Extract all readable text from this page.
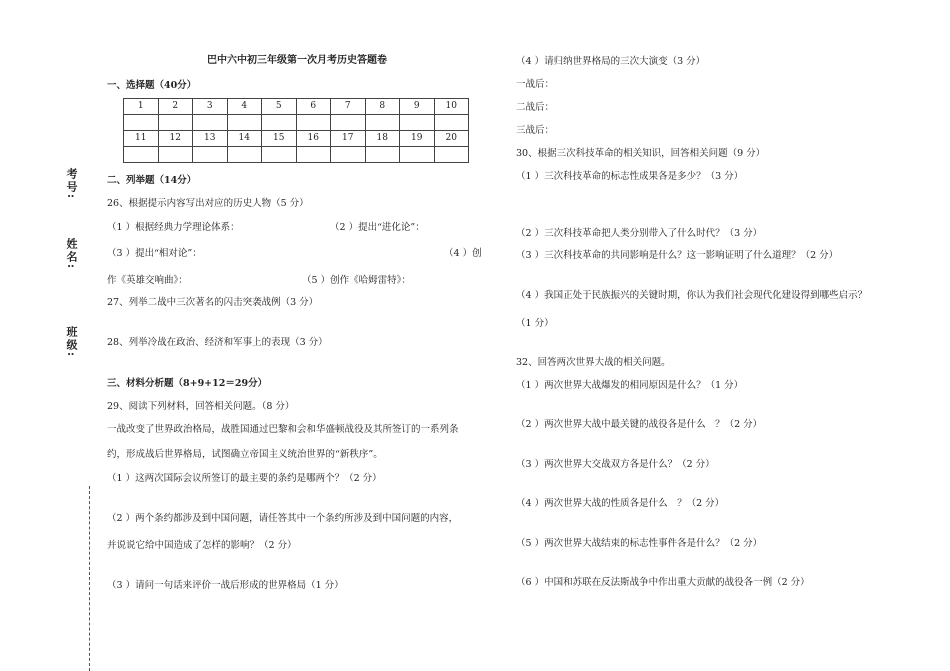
考号:
姓名:
班级:
巴中六中初三年级第一次月考历史答题卷
一、选择题（40分）
1	2	3	4	5	6	7	8	9	10

11	12	13	14	15	16	17	18	19	20

二、列举题（14分）
26、根据提示内容写出对应的历史人物（5 分）
（1 ）根据经典力学理论体系：	（2 ）提出“进化论”：
（3 ）提出“相对论”：	（4 ）创
作《英雄交响曲》：	（5 ）创作《哈姆雷特》：
27、列举二战中三次著名的闪击突袭战例（3 分）
28、列举冷战在政治、经济和军事上的表现（3 分）
三、材料分析题（8+9+12＝29分）
29、阅读下列材料，回答相关问题。（8 分）
一战改变了世界政治格局，战胜国通过巴黎和会和华盛顿战役及其所签订的一系列条
约，形成战后世界格局，试图确立帝国主义统治世界的“新秩序”。
（1 ）这两次国际会议所签订的最主要的条约是哪两个？（2 分）
（2 ）两个条约都涉及到中国问题，请任答其中一个条约所涉及到中国问题的内容，
并说说它给中国造成了怎样的影响？（2 分）
（3 ）请问一句话来评价一战后形成的世界格局（1 分）
（4 ）请归纳世界格局的三次大演变（3 分）
一战后：
二战后：
三战后：
30、根据三次科技革命的相关知识，回答相关问题（9 分）
（1 ）三次科技革命的标志性成果各是多少？（3 分）
（2 ）三次科技革命把人类分别带入了什么时代？（3 分）
（3 ）三次科技革命的共同影响是什么？这一影响证明了什么道理？（2 分）
（4 ）我国正处于民族振兴的关键时期，你认为我们社会现代化建设得到哪些启示？
（1 分）
32、回答两次世界大战的相关问题。
（1 ）两次世界大战爆发的相同原因是什么？（1 分）
（2 ）两次世界大战中最关键的战役各是什么　？（2 分）
（3 ）两次世界大交战双方各是什么？（2 分）
（4 ）两次世界大战的性质各是什么　？（2 分）
（5 ）两次世界大战结束的标志性事件各是什么？（2 分）
（6 ）中国和苏联在反法斯战争中作出重大贡献的战役各一例（2 分）
